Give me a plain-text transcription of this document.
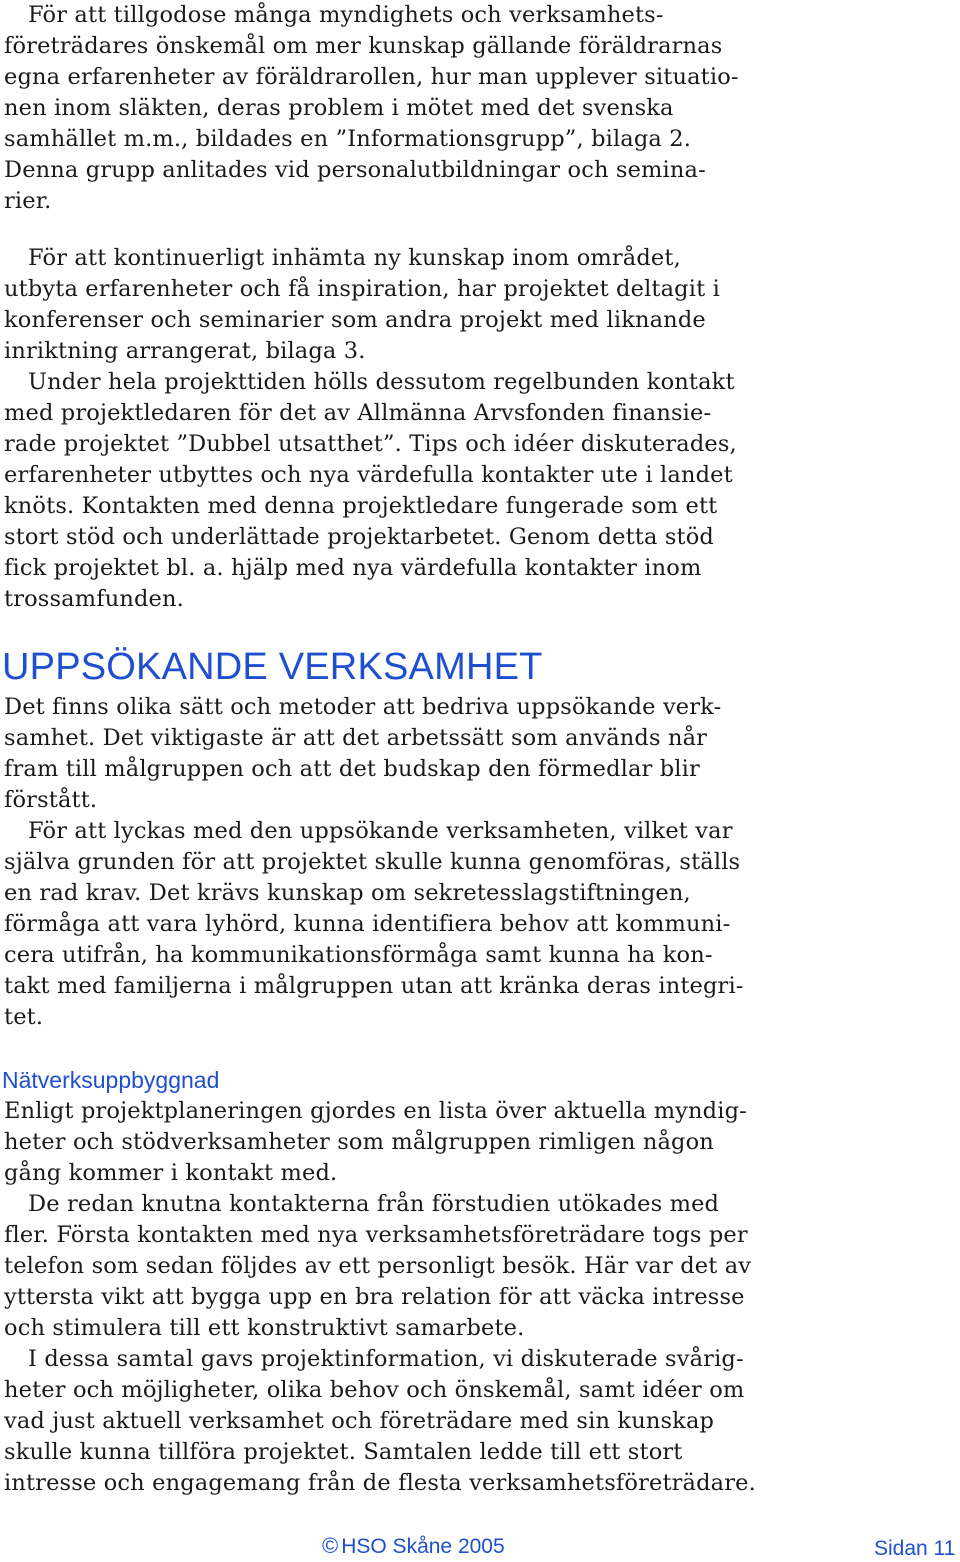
För att tillgodose många myndighets och verksamhets-
företrädares önskemål om mer kunskap gällande föräldrarnas
egna erfarenheter av föräldrarollen, hur man upplever situatio-
nen inom släkten, deras problem i mötet med det svenska
samhället m.m., bildades en ”Informationsgrupp”, bilaga 2.
Denna grupp anlitades vid personalutbildningar och semina-
rier.
För att kontinuerligt inhämta ny kunskap inom området,
utbyta erfarenheter och få inspiration, har projektet deltagit i
konferenser och seminarier som andra projekt med liknande
inriktning arrangerat, bilaga 3.
Under hela projekttiden hölls dessutom regelbunden kontakt
med projektledaren för det av Allmänna Arvsfonden finansie-
rade projektet ”Dubbel utsatthet”. Tips och idéer diskuterades,
erfarenheter utbyttes och nya värdefulla kontakter ute i landet
knöts. Kontakten med denna projektledare fungerade som ett
stort stöd och underlättade projektarbetet. Genom detta stöd
fick projektet bl. a. hjälp med nya värdefulla kontakter inom
trossamfunden.
UPPSÖKANDE VERKSAMHET
Det finns olika sätt och metoder att bedriva uppsökande verk-
samhet. Det viktigaste är att det arbetssätt som används når
fram till målgruppen och att det budskap den förmedlar blir
förstått.
För att lyckas med den uppsökande verksamheten, vilket var
själva grunden för att projektet skulle kunna genomföras, ställs
en rad krav. Det krävs kunskap om sekretesslagstiftningen,
förmåga att vara lyhörd, kunna identifiera behov att kommuni-
cera utifrån, ha kommunikationsförmåga samt kunna ha kon-
takt med familjerna i målgruppen utan att kränka deras integri-
tet.
Nätverksuppbyggnad
Enligt projektplaneringen gjordes en lista över aktuella myndig-
heter och stödverksamheter som målgruppen rimligen någon
gång kommer i kontakt med.
De redan knutna kontakterna från förstudien utökades med
fler. Första kontakten med nya verksamhetsföreträdare togs per
telefon som sedan följdes av ett personligt besök. Här var det av
yttersta vikt att bygga upp en bra relation för att väcka intresse
och stimulera till ett konstruktivt samarbete.
I dessa samtal gavs projektinformation, vi diskuterade svårig-
heter och möjligheter, olika behov och önskemål, samt idéer om
vad just aktuell verksamhet och företrädare med sin kunskap
skulle kunna tillföra projektet. Samtalen ledde till ett stort
intresse och engagemang från de flesta verksamhetsföreträdare.
© HSO Skåne 2005	Sidan 11
